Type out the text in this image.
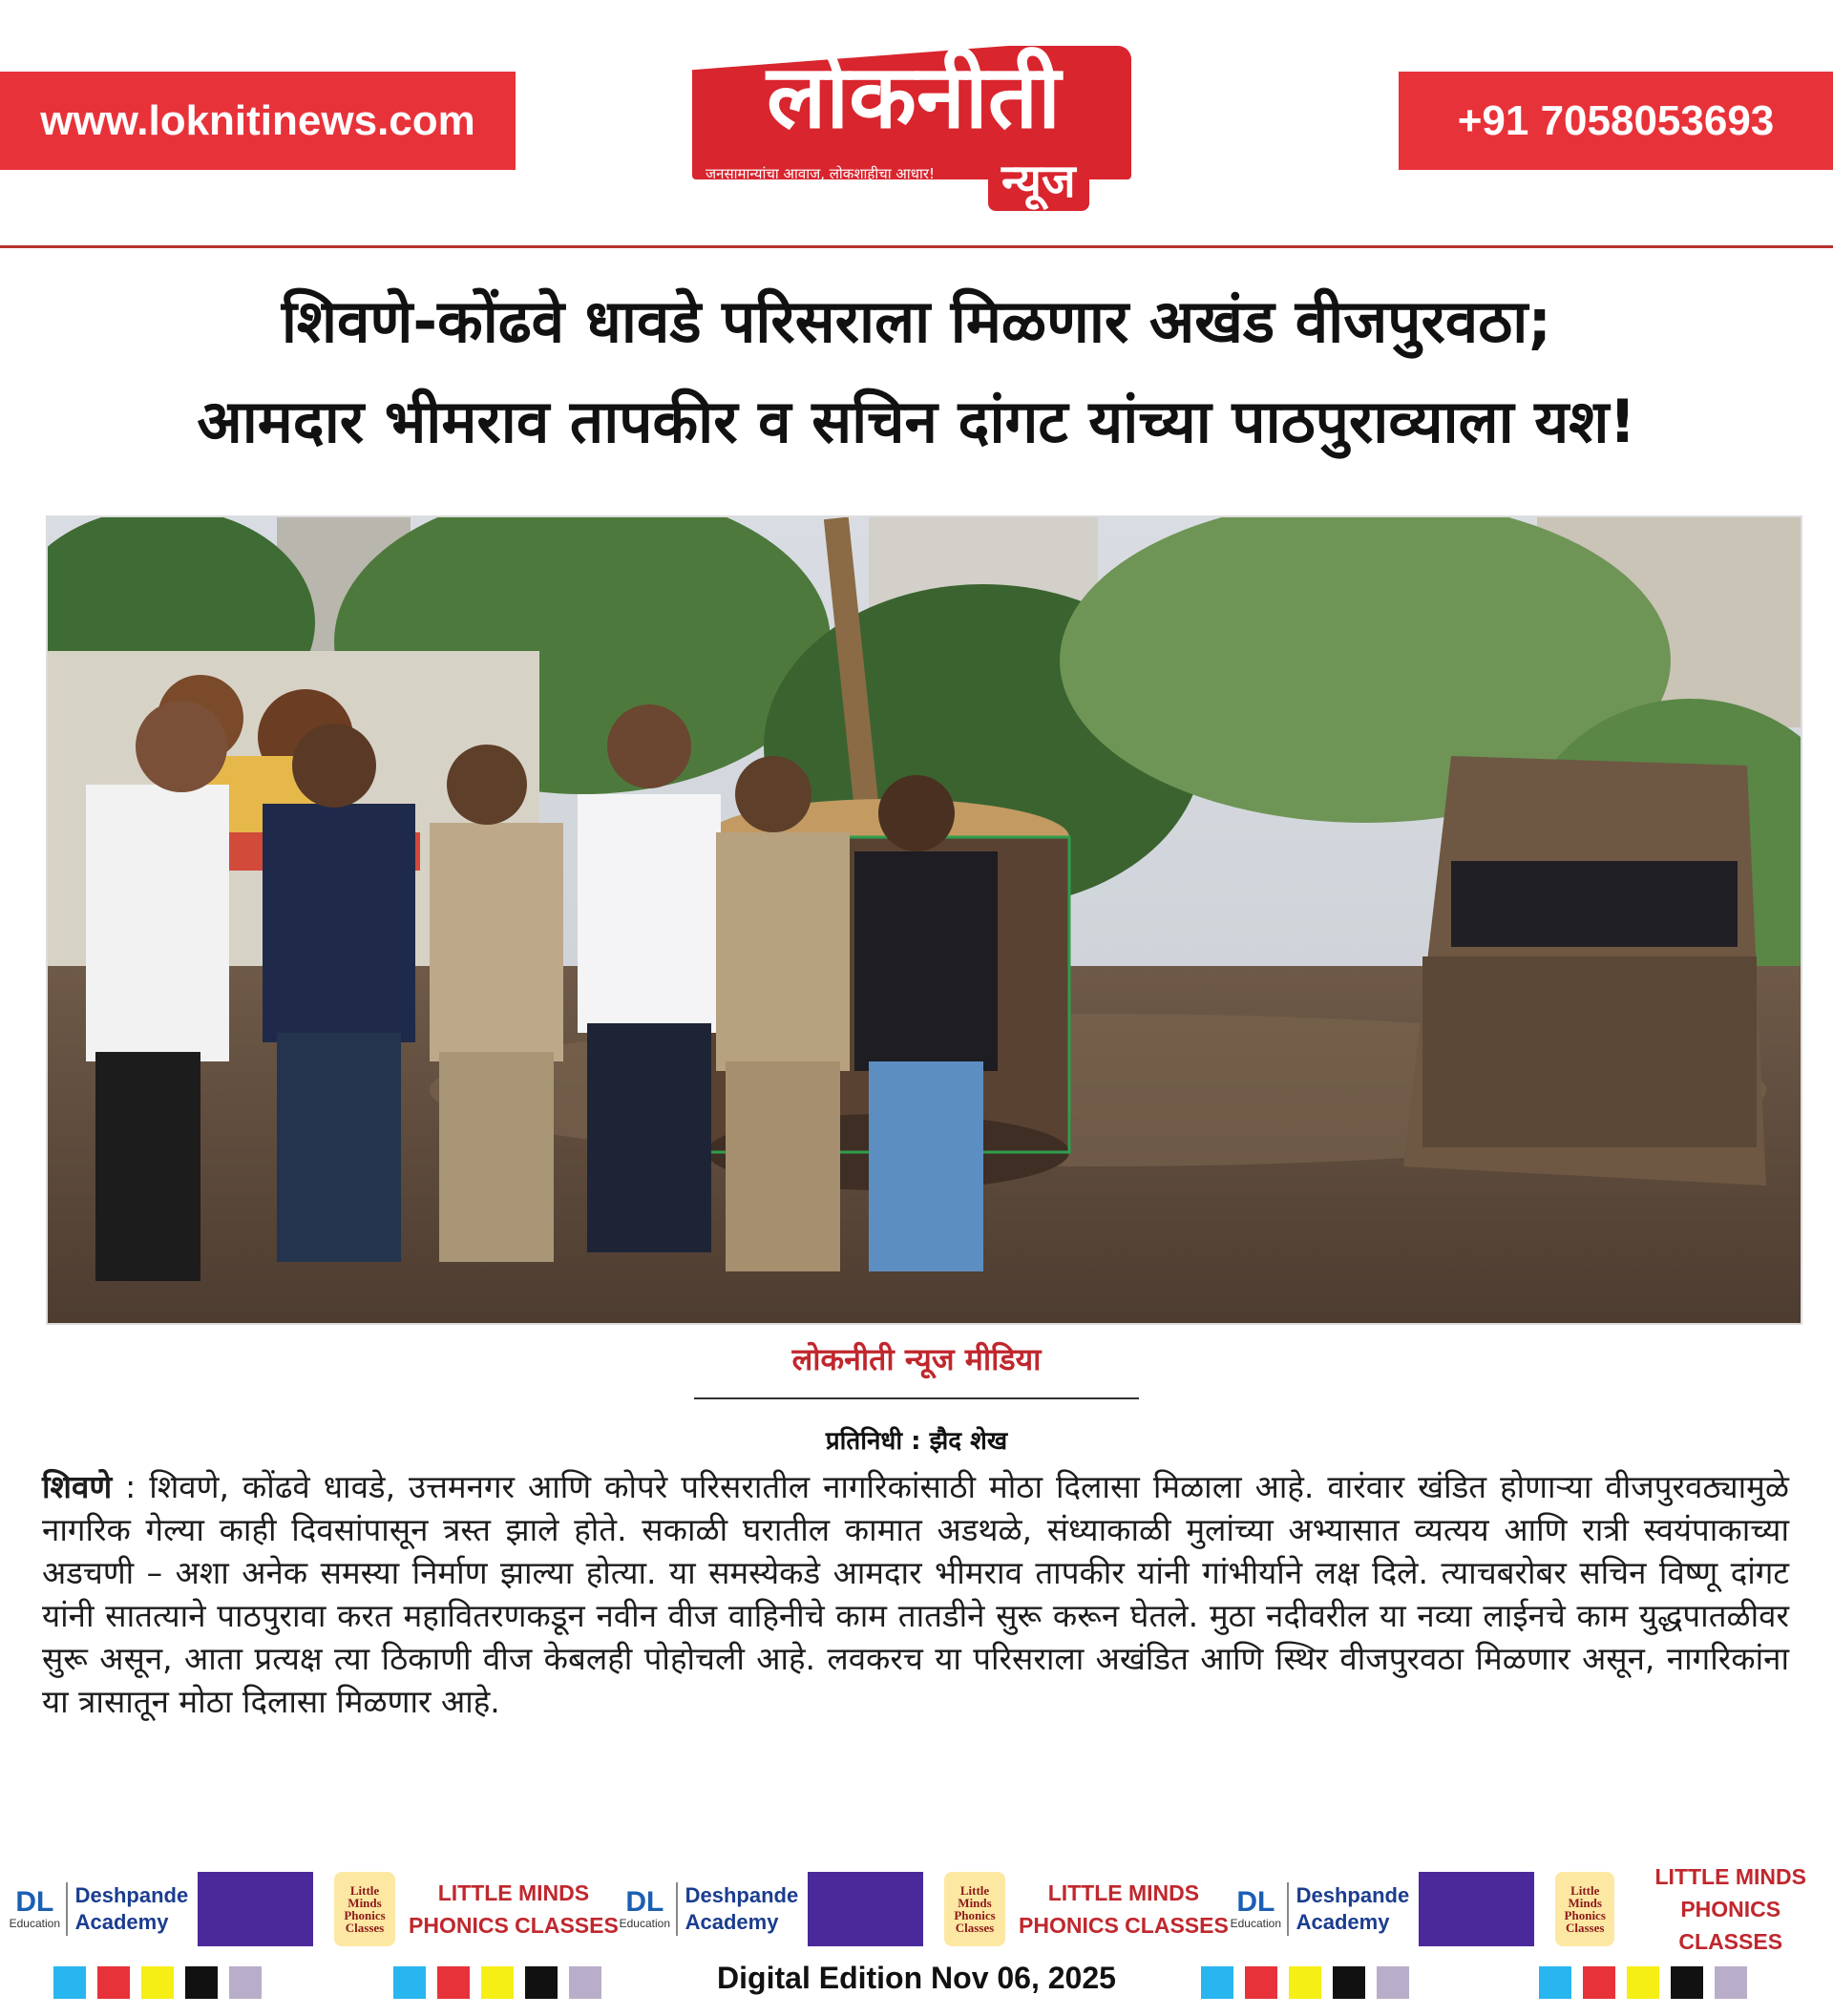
www.loknitinews.com	लोकनीती
जनसामान्यांचा आवाज, लोकशाहीचा आधार! न्यूज
+91 7058053693
शिवणे-कोंढवे धावडे परिसराला मिळणार अखंड वीजपुरवठा;
आमदार भीमराव तापकीर व सचिन दांगट यांच्या पाठपुराव्याला यश!
लोकनीती न्यूज मीडिया
प्रतिनिधी : झैद शेख
शिवणे : शिवणे, कोंढवे धावडे, उत्तमनगर आणि कोपरे परिसरातील नागरिकांसाठी मोठा दिलासा मिळाला आहे. वारंवार खंडित होणाऱ्या वीजपुरवठ्यामुळे नागरिक गेल्या काही दिवसांपासून त्रस्त झाले होते. सकाळी घरातील कामात अडथळे, संध्याकाळी मुलांच्या अभ्यासात व्यत्यय आणि रात्री स्वयंपाकाच्या अडचणी – अशा अनेक समस्या निर्माण झाल्या होत्या. या समस्येकडे आमदार भीमराव तापकीर यांनी गांभीर्याने लक्ष दिले. त्याचबरोबर सचिन विष्णू दांगट यांनी सातत्याने पाठपुरावा करत महावितरणकडून नवीन वीज वाहिनीचे काम तातडीने सुरू करून घेतले. मुठा नदीवरील या नव्या लाईनचे काम युद्धपातळीवर सुरू असून, आता प्रत्यक्ष त्या ठिकाणी वीज केबलही पोहोचली आहे. लवकरच या परिसराला अखंडित आणि स्थिर वीजपुरवठा मिळणार असून, नागरिकांना या त्रासातून मोठा दिलासा मिळणार आहे.
DL
Education
Deshpande
Academy
Little
Minds
Phonics
Classes
LITTLE MINDS
PHONICS CLASSES
DL
Education
Deshpande
Academy
Little
Minds
Phonics
Classes
LITTLE MINDS
PHONICS CLASSES
DL
Education
Deshpande
Academy
Little
Minds
Phonics
Classes
LITTLE MINDS
PHONICS CLASSES
Digital Edition Nov 06, 2025
